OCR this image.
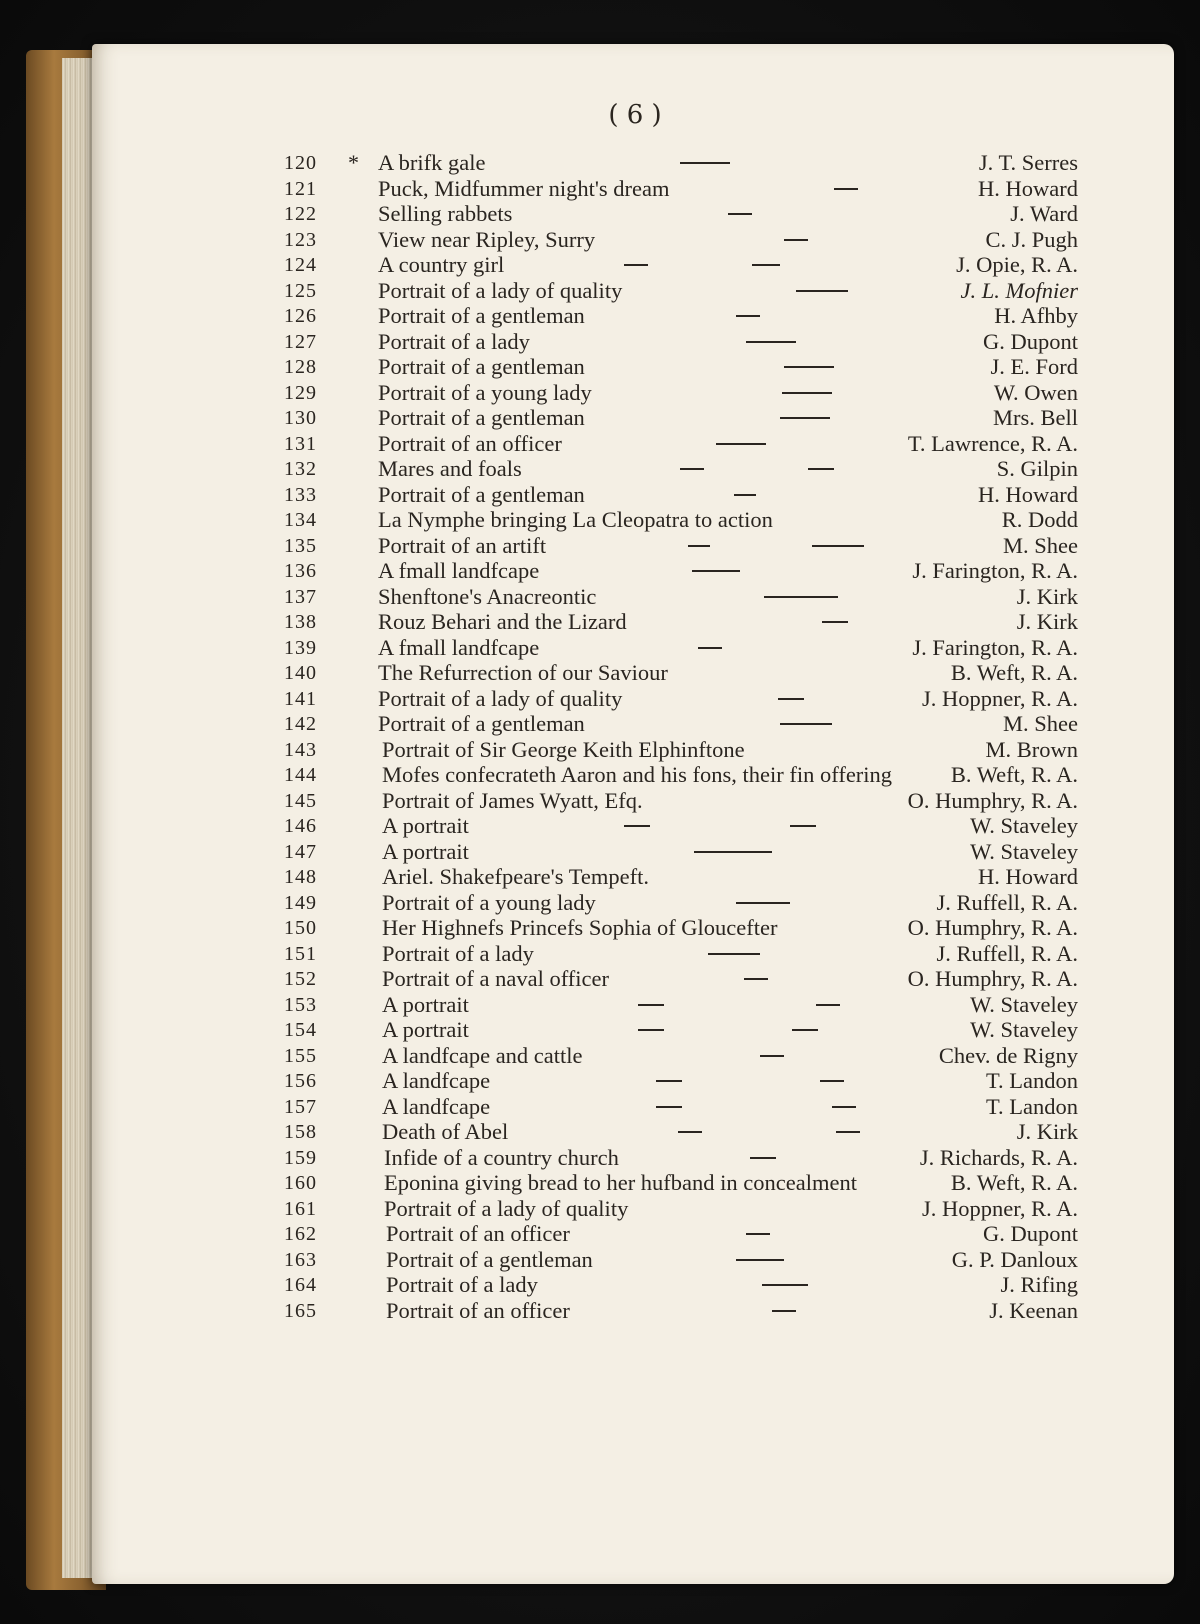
( 6 )
120	* A brifk gale	J. T. Serres
121	Puck, Midfummer night's dream	H. Howard
122	Selling rabbets	J. Ward
123	View near Ripley, Surry	C. J. Pugh
124	A country girl	J. Opie, R. A.
125	Portrait of a lady of quality	J. L. Mofnier
126	Portrait of a gentleman	H. Afhby
127	Portrait of a lady	G. Dupont
128	Portrait of a gentleman	J. E. Ford
129	Portrait of a young lady	W. Owen
130	Portrait of a gentleman	Mrs. Bell
131	Portrait of an officer	T. Lawrence, R. A.
132	Mares and foals	S. Gilpin
133	Portrait of a gentleman	H. Howard
134	La Nymphe bringing La Cleopatra to action	R. Dodd
135	Portrait of an artift	M. Shee
136	A fmall landfcape	J. Farington, R. A.
137	Shenftone's Anacreontic	J. Kirk
138	Rouz Behari and the Lizard	J. Kirk
139	A fmall landfcape	J. Farington, R. A.
140	The Refurrection of our Saviour	B. Weft, R. A.
141	Portrait of a lady of quality	J. Hoppner, R. A.
142	Portrait of a gentleman	M. Shee
143	Portrait of Sir George Keith Elphinftone	M. Brown
144	Mofes confecrateth Aaron and his fons, their fin offering	B. Weft, R. A.
145	Portrait of James Wyatt, Efq.	O. Humphry, R. A.
146	A portrait	W. Staveley
147	A portrait	W. Staveley
148	Ariel. Shakefpeare's Tempeft.	H. Howard
149	Portrait of a young lady	J. Ruffell, R. A.
150	Her Highnefs Princefs Sophia of Gloucefter	O. Humphry, R. A.
151	Portrait of a lady	J. Ruffell, R. A.
152	Portrait of a naval officer	O. Humphry, R. A.
153	A portrait	W. Staveley
154	A portrait	W. Staveley
155	A landfcape and cattle	Chev. de Rigny
156	A landfcape	T. Landon
157	A landfcape	T. Landon
158	Death of Abel	J. Kirk
159	Infide of a country church	J. Richards, R. A.
160	Eponina giving bread to her hufband in concealment	B. Weft, R. A.
161	Portrait of a lady of quality	J. Hoppner, R. A.
162	Portrait of an officer	G. Dupont
163	Portrait of a gentleman	G. P. Danloux
164	Portrait of a lady	J. Rifing
165	Portrait of an officer	J. Keenan
